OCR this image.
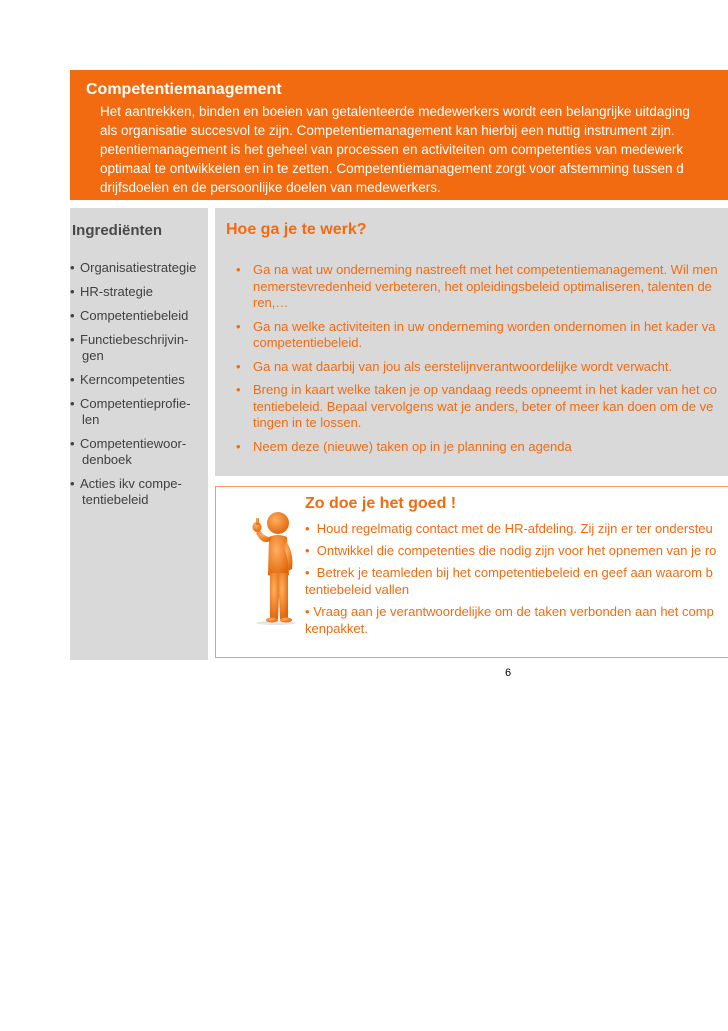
Competentiemanagement
Het aantrekken, binden en boeien van getalenteerde medewerkers wordt een belangrijke uitdaging
als organisatie succesvol te zijn. Competentiemanagement kan hierbij een nuttig instrument zijn.
petentiemanagement is het geheel van processen en activiteiten om competenties van medewerk
optimaal te ontwikkelen en in te zetten. Competentiemanagement zorgt voor afstemming tussen d
drijfsdoelen en de persoonlijke doelen van medewerkers.
Ingrediënten
• Organisatiestrategie
• HR-strategie
• Competentiebeleid
• Functiebeschrijvin-
gen
• Kerncompetenties
• Competentieprofie-
len
• Competentiewoor-
denboek
• Acties ikv compe-
tentiebeleid
Hoe ga je te werk?
• Ga na wat uw onderneming nastreeft met het competentiemanagement. Wil men
nemerstevredenheid verbeteren, het opleidingsbeleid optimaliseren, talenten de
ren,…
• Ga na welke activiteiten in uw onderneming worden ondernomen in het kader va
competentiebeleid.
• Ga na wat daarbij van jou als eerstelijnverantwoordelijke wordt verwacht.
• Breng in kaart welke taken je op vandaag reeds opneemt in het kader van het co
tentiebeleid. Bepaal vervolgens wat je anders, beter of meer kan doen om de ve
tingen in te lossen.
• Neem deze (nieuwe) taken op in je planning en agenda
Zo doe je het goed !
• Houd regelmatig contact met de HR-afdeling. Zij zijn er ter ondersteu
• Ontwikkel die competenties die nodig zijn voor het opnemen van je ro
• Betrek je teamleden bij het competentiebeleid en geef aan waarom b
tentiebeleid vallen
• Vraag aan je verantwoordelijke om de taken verbonden aan het comp
kenpakket.
6
